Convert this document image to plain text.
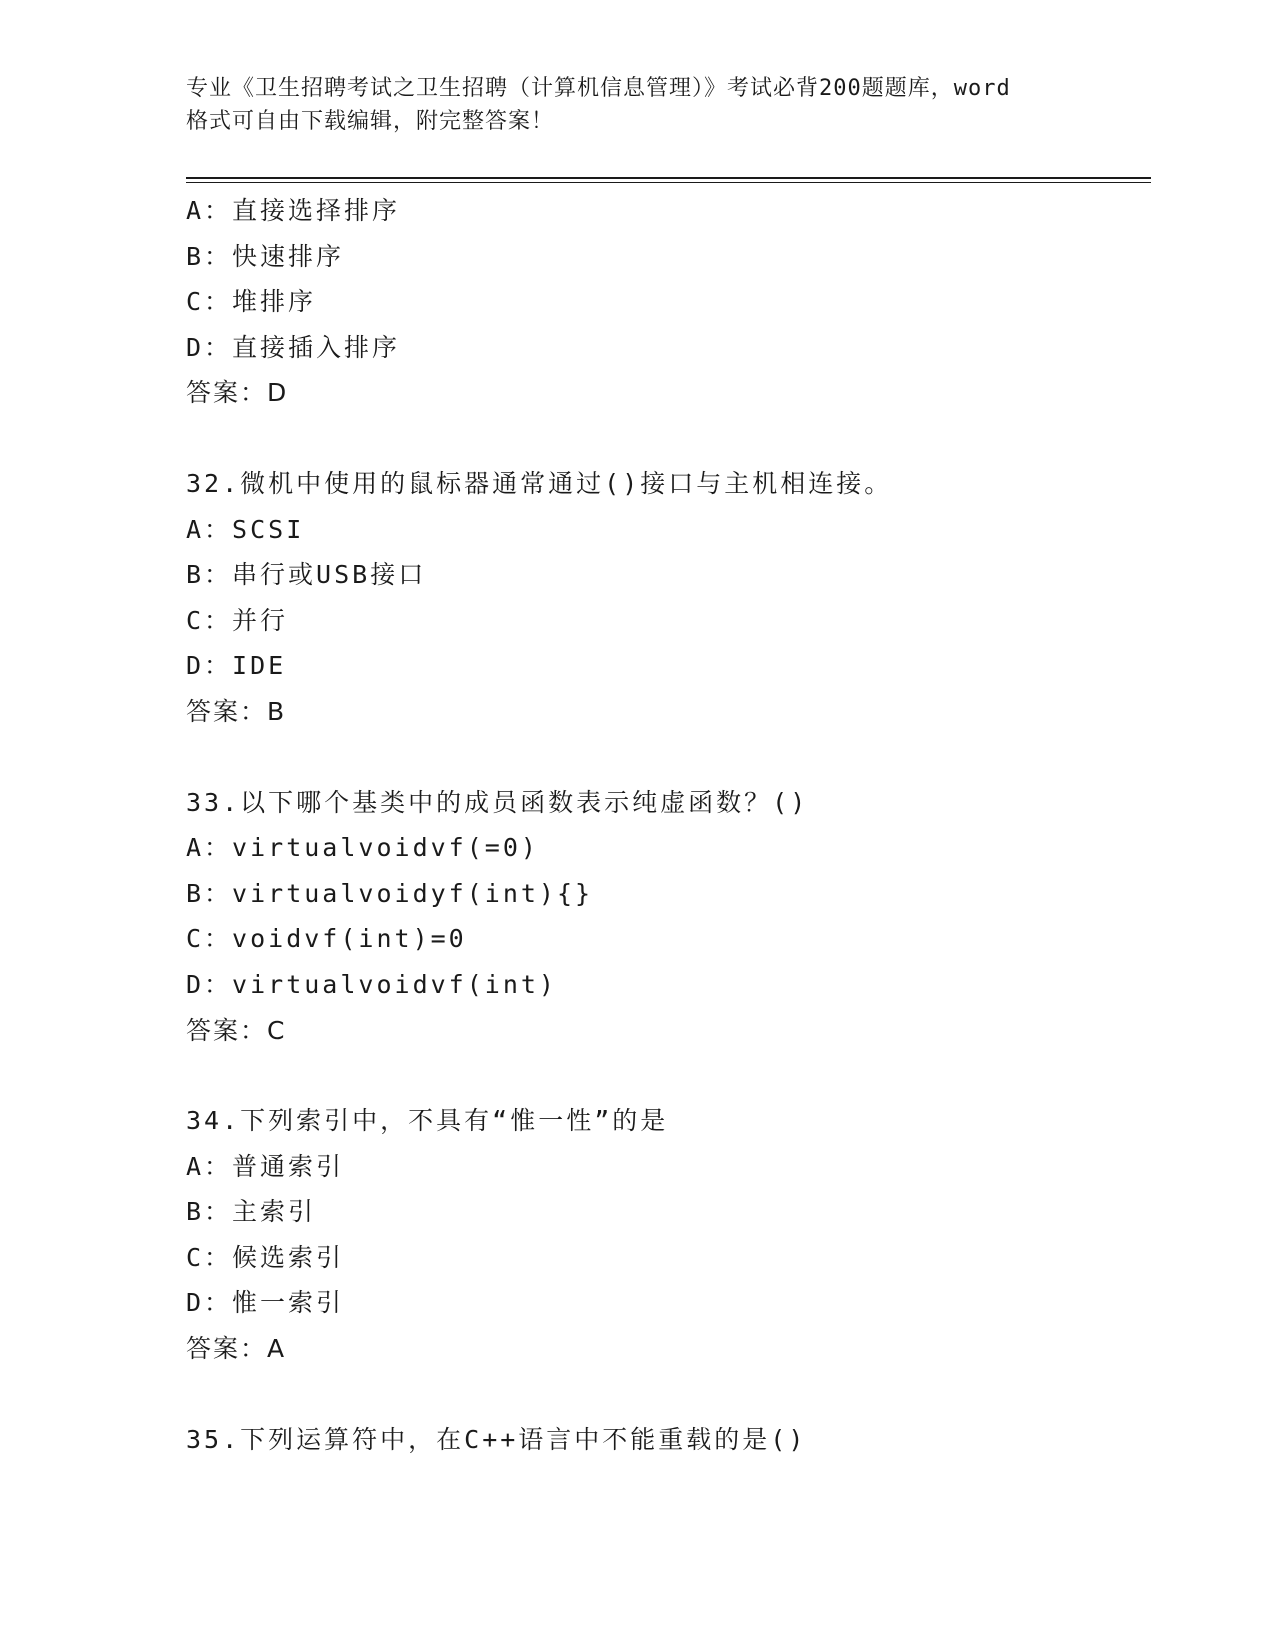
专业《卫生招聘考试之卫生招聘（计算机信息管理）》考试必背200题题库，word
格式可自由下载编辑，附完整答案！
A：直接选择排序
B：快速排序
C：堆排序
D：直接插入排序
答案：D
32.微机中使用的鼠标器通常通过()接口与主机相连接。
A：SCSI
B：串行或USB接口
C：并行
D：IDE
答案：B
33.以下哪个基类中的成员函数表示纯虚函数？()
A：virtualvoidvf(=0)
B：virtualvoidyf(int){}
C：voidvf(int)=0
D：virtualvoidvf(int)
答案：C
34.下列索引中，不具有“惟一性”的是
A：普通索引
B：主索引
C：候选索引
D：惟一索引
答案：A
35.下列运算符中，在C++语言中不能重载的是()
